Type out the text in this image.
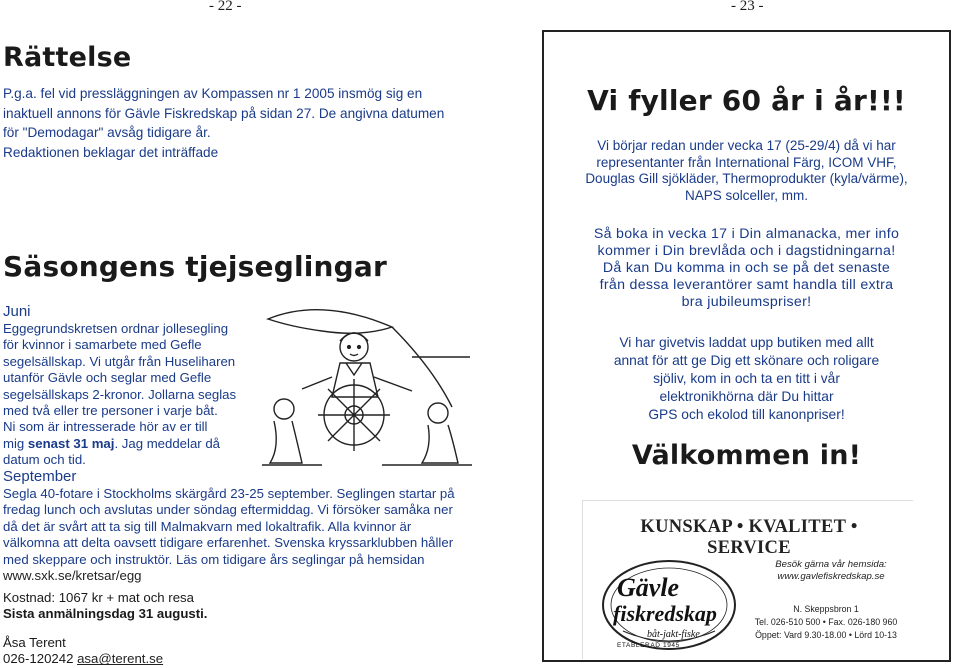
- 22 -	- 23 -
Rättelse
P.g.a. fel vid pressläggningen av Kompassen nr 1 2005 insmög sig en
inaktuell annons för Gävle Fiskredskap på sidan 27. De angivna datumen
för "Demodagar" avsåg tidigare år.
Redaktionen beklagar det inträffade
Säsongens tjejseglingar
Juni
Eggegrundskretsen ordnar jollesegling
för kvinnor i samarbete med Gefle
segelsällskap. Vi utgår från Huseliharen
utanför Gävle och seglar med Gefle
segelsällskaps 2-kronor. Jollarna seglas
med två eller tre personer i varje båt.
Ni som är intresserade hör av er till
mig senast 31 maj. Jag meddelar då
datum och tid.
September
Segla 40-fotare i Stockholms skärgård 23-25 september. Seglingen startar på
fredag lunch och avslutas under söndag eftermiddag. Vi försöker samåka ner
då det är svårt att ta sig till Malmakvarn med lokaltrafik. Alla kvinnor är
välkomna att delta oavsett tidigare erfarenhet. Svenska kryssarklubben håller
med skeppare och instruktör. Läs om tidigare års seglingar på hemsidan
www.sxk.se/kretsar/egg
Kostnad: 1067 kr + mat och resa
Sista anmälningsdag 31 augusti.
Åsa Terent
026-120242 asa@terent.se
Vi fyller 60 år i år!!!
Vi börjar redan under vecka 17 (25-29/4) då vi har
representanter från International Färg, ICOM VHF,
Douglas Gill sjökläder, Thermoprodukter (kyla/värme),
NAPS solceller, mm.
Så boka in vecka 17 i Din almanacka, mer info
kommer i Din brevlåda och i dagstidningarna!
Då kan Du komma in och se på det senaste
från dessa leverantörer samt handla till extra
bra jubileumspriser!
Vi har givetvis laddat upp butiken med allt
annat för att ge Dig ett skönare och roligare
sjöliv, kom in och ta en titt i vår
elektronikhörna där Du hittar
GPS och ekolod till kanonpriser!
Välkommen in!
KUNSKAP • KVALITET • SERVICE
Gävle
fiskredskap
båt-jakt-fiske
ETABLERAD 1945
Besök gärna vår hemsida:
www.gavlefiskredskap.se
N. Skeppsbron 1
Tel. 026-510 500 • Fax. 026-180 960
Öppet: Vard 9.30-18.00 • Lörd 10-13
